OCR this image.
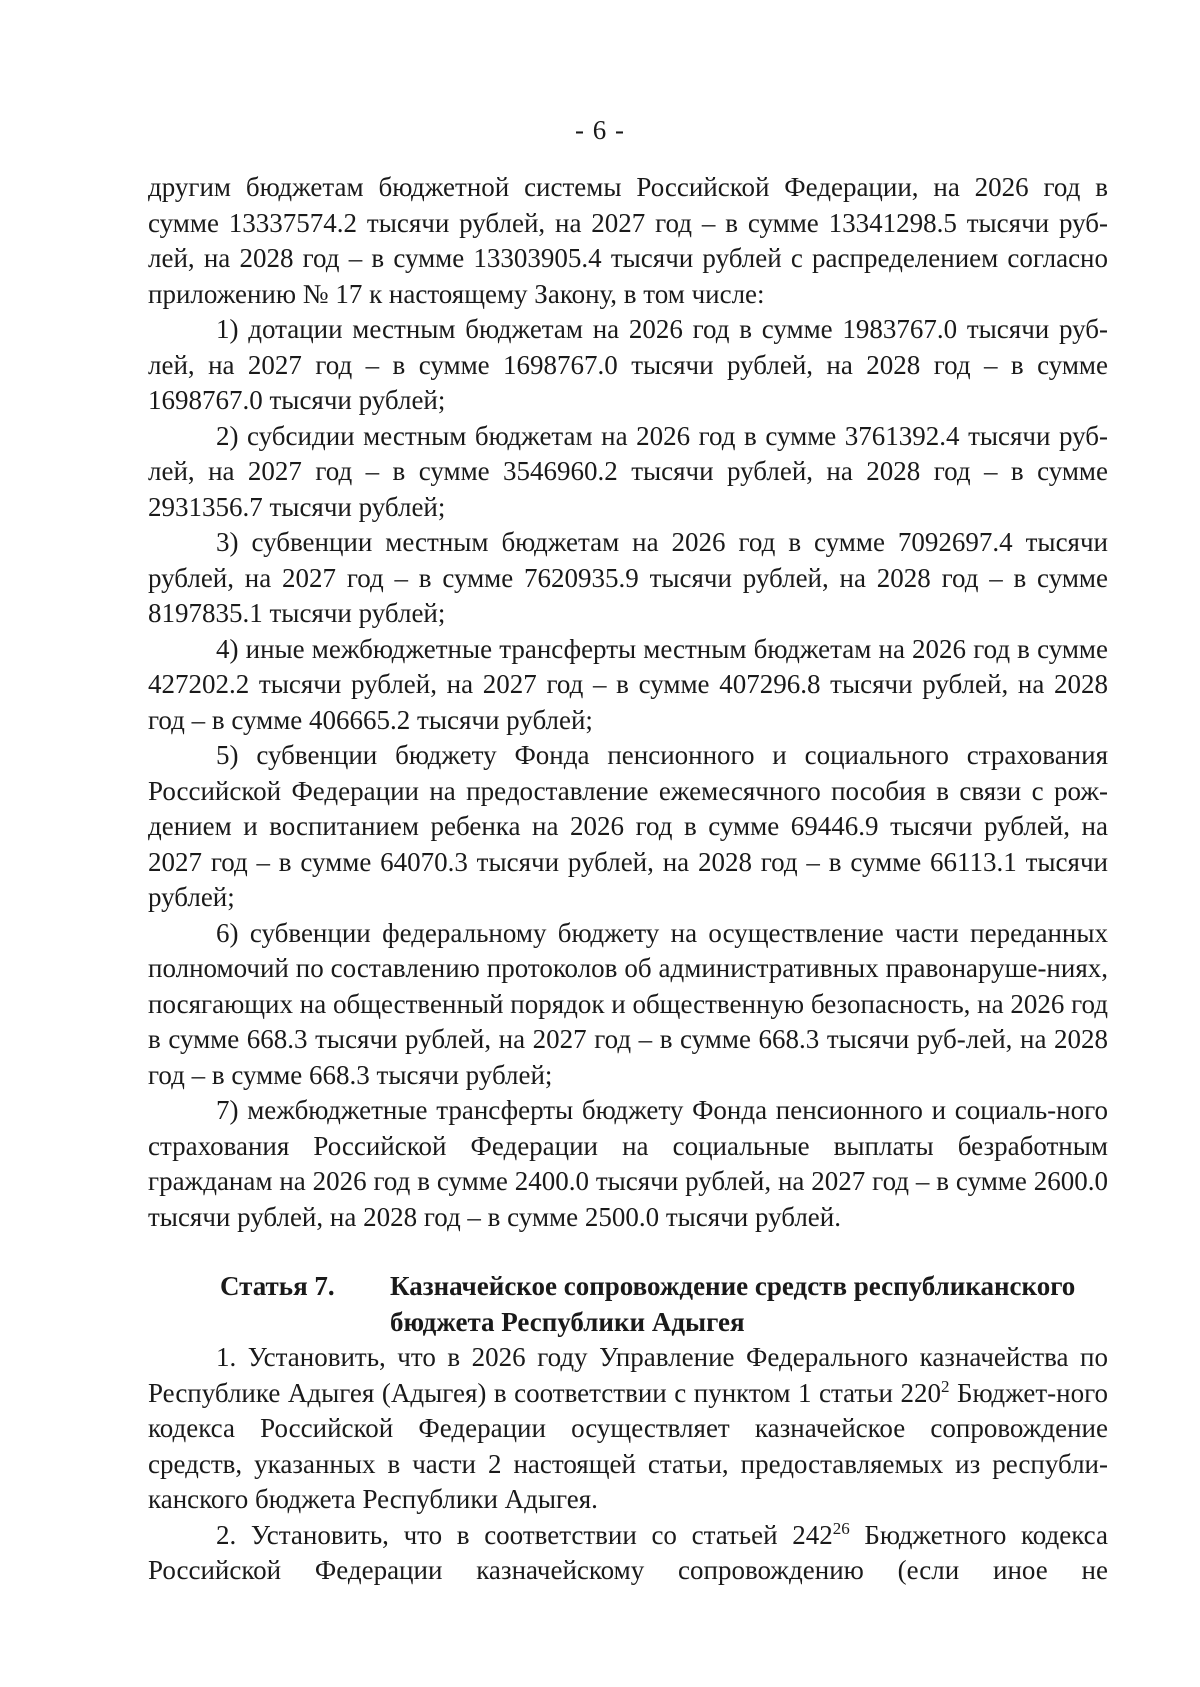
- 6 -

другим бюджетам бюджетной системы Российской Федерации, на 2026 год в сумме 13337574.2 тысячи рублей, на 2027 год – в сумме 13341298.5 тысячи руб-лей, на 2028 год – в сумме 13303905.4 тысячи рублей с распределением согласно приложению № 17 к настоящему Закону, в том числе:

1) дотации местным бюджетам на 2026 год в сумме 1983767.0 тысячи руб-лей, на 2027 год – в сумме 1698767.0 тысячи рублей, на 2028 год – в сумме 1698767.0 тысячи рублей;

2) субсидии местным бюджетам на 2026 год в сумме 3761392.4 тысячи руб-лей, на 2027 год – в сумме 3546960.2 тысячи рублей, на 2028 год – в сумме 2931356.7 тысячи рублей;

3) субвенции местным бюджетам на 2026 год в сумме 7092697.4 тысячи рублей, на 2027 год – в сумме 7620935.9 тысячи рублей, на 2028 год – в сумме 8197835.1 тысячи рублей;

4) иные межбюджетные трансферты местным бюджетам на 2026 год в сумме 427202.2 тысячи рублей, на 2027 год – в сумме 407296.8 тысячи рублей, на 2028 год – в сумме 406665.2 тысячи рублей;

5) субвенции бюджету Фонда пенсионного и социального страхования Российской Федерации на предоставление ежемесячного пособия в связи с рож-дением и воспитанием ребенка на 2026 год в сумме 69446.9 тысячи рублей, на 2027 год – в сумме 64070.3 тысячи рублей, на 2028 год – в сумме 66113.1 тысячи рублей;

6) субвенции федеральному бюджету на осуществление части переданных полномочий по составлению протоколов об административных правонаруше-ниях, посягающих на общественный порядок и общественную безопасность, на 2026 год в сумме 668.3 тысячи рублей, на 2027 год – в сумме 668.3 тысячи руб-лей, на 2028 год – в сумме 668.3 тысячи рублей;

7) межбюджетные трансферты бюджету Фонда пенсионного и социаль-ного страхования Российской Федерации на социальные выплаты безработным гражданам на 2026 год в сумме 2400.0 тысячи рублей, на 2027 год – в сумме 2600.0 тысячи рублей, на 2028 год – в сумме 2500.0 тысячи рублей.

Статья 7.	Казначейское сопровождение средств республиканского бюджета Республики Адыгея

1. Установить, что в 2026 году Управление Федерального казначейства по Республике Адыгея (Адыгея) в соответствии с пунктом 1 статьи $220^2$ Бюджет-ного кодекса Российской Федерации осуществляет казначейское сопровождение средств, указанных в части 2 настоящей статьи, предоставляемых из республи-канского бюджета Республики Адыгея.

2. Установить, что в соответствии со статьей $242^{26}$ Бюджетного кодекса Российской Федерации казначейскому сопровождению (если иное не
